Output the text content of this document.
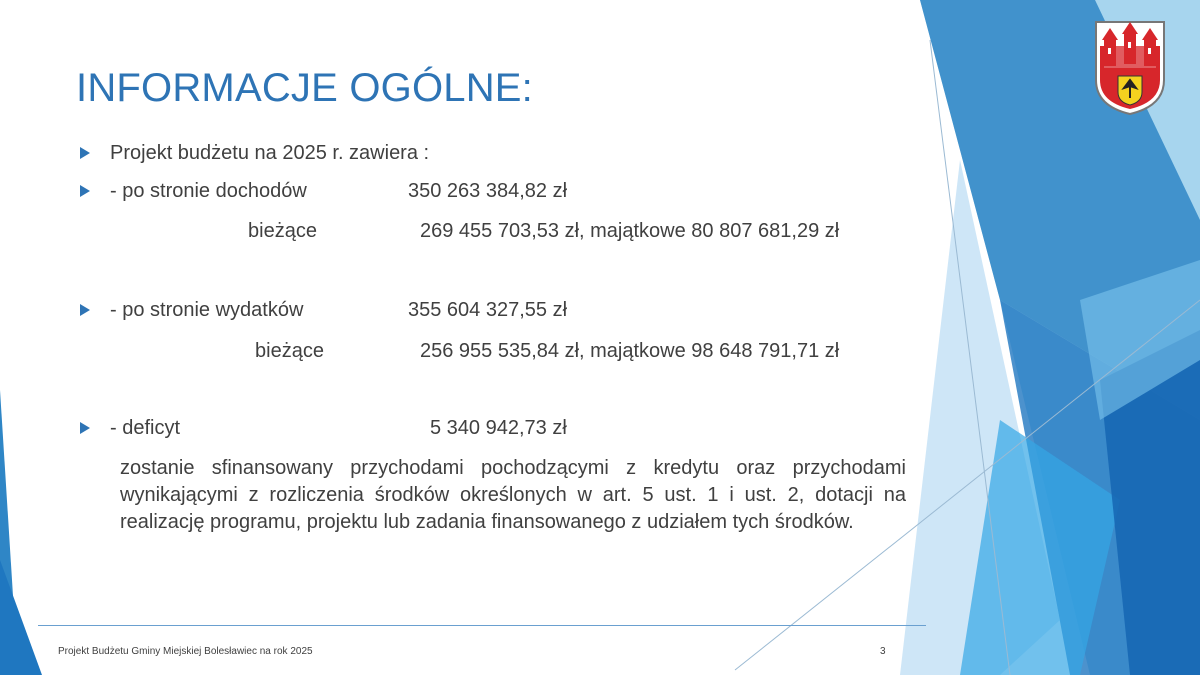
INFORMACJE OGÓLNE:
Projekt budżetu na 2025 r. zawiera :
- po stronie dochodów	350 263 384,82 zł
bieżące	269 455 703,53 zł, majątkowe 80 807 681,29 zł
- po stronie wydatków	355 604 327,55 zł
bieżące	256 955 535,84 zł, majątkowe 98 648 791,71 zł
- deficyt	5 340 942,73 zł

zostanie sfinansowany przychodami pochodzącymi z kredytu oraz przychodami wynikającymi z rozliczenia środków określonych w art. 5 ust. 1 i ust. 2, dotacji na realizację programu, projektu lub zadania finansowanego z udziałem tych środków.

Projekt Budżetu Gminy Miejskiej Bolesławiec na rok 2025	3
